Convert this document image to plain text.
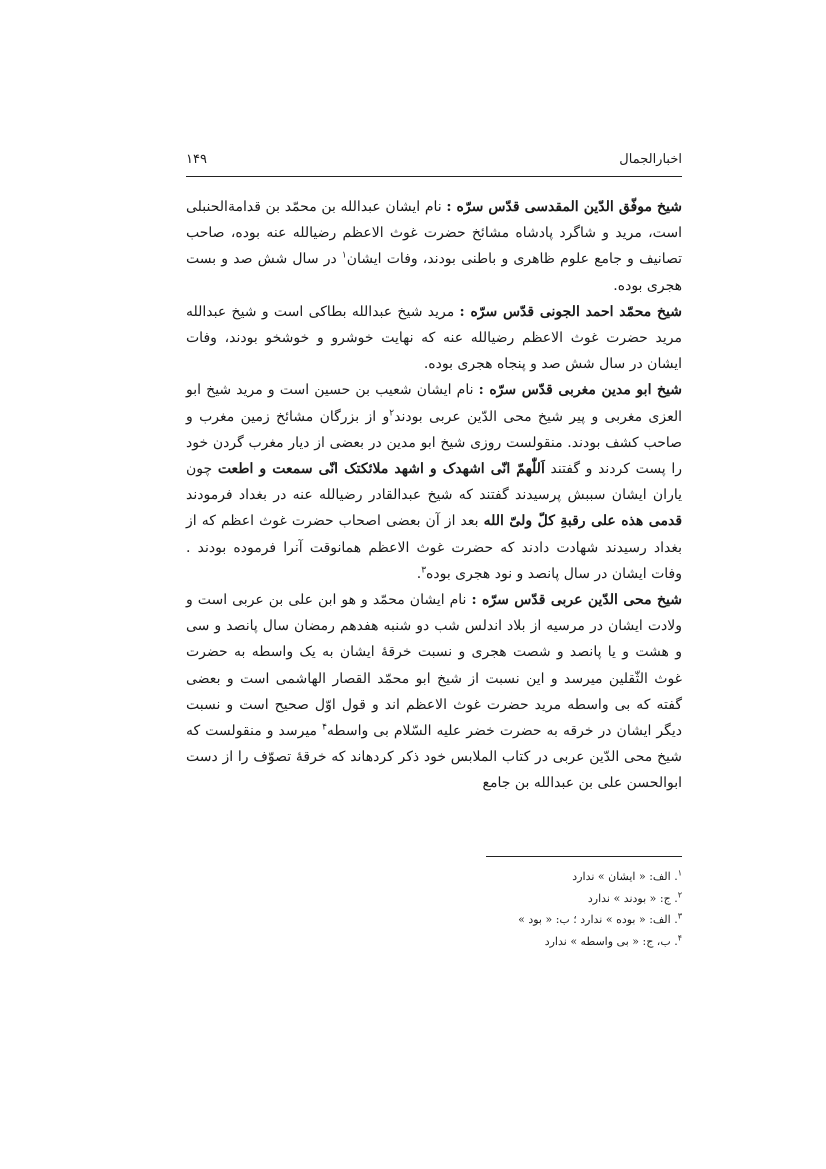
اخبارالجمال
۱۴۹

شیخ موفّق الدّین المقدسی قدّس سرّه : نام ایشان عبدالله بن محمّد بن قدامةالحنبلی است، مرید و شاگرد پادشاه مشائخ حضرت غوث الاعظم رضیالله عنه بوده، صاحب تصانیف و جامع علوم ظاهری و باطنی بودند، وفات ایشان$^۱$ در سال شش صد و بست هجری بوده.

شیخ محمّد احمد الجونی قدّس سرّه : مرید شیخ عبدالله بطاکی است و شیخ عبدالله مرید حضرت غوث الاعظم رضیالله عنه که نهایت خوشرو و خوشخو بودند، وفات ایشان در سال شش صد و پنجاه هجری بوده.

شیخ ابو مدین مغربی قدّس سرّه : نام ایشان شعیب بن حسین است و مرید شیخ ابو العزی مغربی و پیر شیخ محی الدّین عربی بودند$^۲$و از بزرگان مشائخ زمین مغرب و صاحب کشف بودند. منقولست روزی شیخ ابو مدین در بعضی از دیار مغرب گردن خود را پست کردند و گفتند اَللّٰهمّ انّی اشهدک و اشهد ملائکتک انّی سمعت و اطعت چون یاران ایشان سببش پرسیدند گفتند که شیخ عبدالقادر رضیالله عنه در بغداد فرمودند قدمی هذه علی رقبةِ کلّ ولیّ الله بعد از آن بعضی اصحاب حضرت غوث اعظم که از بغداد رسیدند شهادت دادند که حضرت غوث الاعظم همانوقت آنرا فرموده بودند . وفات ایشان در سال پانصد و نود هجری بوده$^۳$.

شیخ محی الدّین عربی قدّس سرّه : نام ایشان محمّد و هو ابن علی بن عربی است و ولادت ایشان در مرسیه از بلاد اندلس شب دو شنبه هفدهم رمضان سال پانصد و سی و هشت و یا پانصد و شصت هجری و نسبت خرقهٔ ایشان به یک واسطه به حضرت غوث الثّقلین میرسد و این نسبت از شیخ ابو محمّد القصار الهاشمی است و بعضی گفته که بی واسطه مرید حضرت غوث الاعظم اند و قول اوّل صحیح است و نسبت دیگر ایشان در خرقه به حضرت خضر علیه السّلام بی واسطه$^۴$ میرسد و منقولست که شیخ محی الدّین عربی در کتاب الملابس خود ذکر کردهاند که خرقهٔ تصوّف را از دست ابوالحسن علی بن عبدالله بن جامع

$^۱$. الف: « ایشان » ندارد

$^۲$. ج: « بودند » ندارد

$^۳$. الف: « بوده » ندارد ؛ ب: « بود »

$^۴$. ب، ج: « بی واسطه » ندارد
